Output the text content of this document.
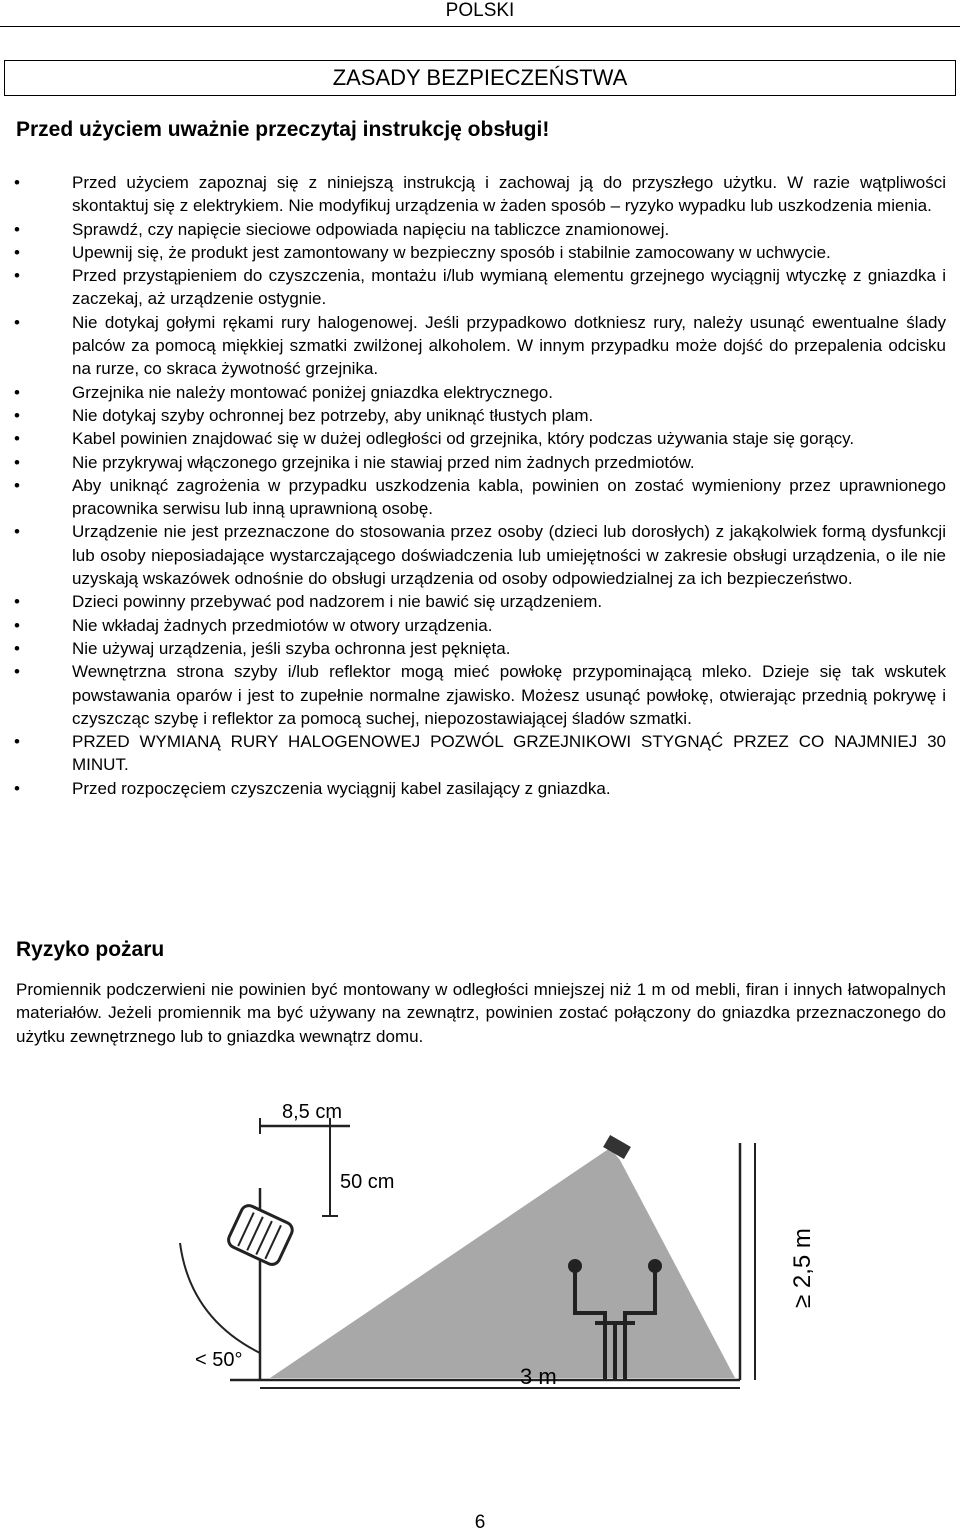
POLSKI
ZASADY BEZPIECZEŃSTWA
Przed użyciem uważnie przeczytaj instrukcję obsługi!
• Przed użyciem zapoznaj się z niniejszą instrukcją i zachowaj ją do przyszłego użytku. W razie wątpliwości skontaktuj się z elektrykiem. Nie modyfikuj urządzenia w żaden sposób – ryzyko wypadku lub uszkodzenia mienia.
• Sprawdź, czy napięcie sieciowe odpowiada napięciu na tabliczce znamionowej.
• Upewnij się, że produkt jest zamontowany w bezpieczny sposób i stabilnie zamocowany w uchwycie.
• Przed przystąpieniem do czyszczenia, montażu i/lub wymianą elementu grzejnego wyciągnij wtyczkę z gniazdka i zaczekaj, aż urządzenie ostygnie.
• Nie dotykaj gołymi rękami rury halogenowej. Jeśli przypadkowo dotkniesz rury, należy usunąć ewentualne ślady palców za pomocą miękkiej szmatki zwilżonej alkoholem. W innym przypadku może dojść do przepalenia odcisku na rurze, co skraca żywotność grzejnika.
• Grzejnika nie należy montować poniżej gniazdka elektrycznego.
• Nie dotykaj szyby ochronnej bez potrzeby, aby uniknąć tłustych plam.
• Kabel powinien znajdować się w dużej odległości od grzejnika, który podczas używania staje się gorący.
• Nie przykrywaj włączonego grzejnika i nie stawiaj przed nim żadnych przedmiotów.
• Aby uniknąć zagrożenia w przypadku uszkodzenia kabla, powinien on zostać wymieniony przez uprawnionego pracownika serwisu lub inną uprawnioną osobę.
• Urządzenie nie jest przeznaczone do stosowania przez osoby (dzieci lub dorosłych) z jakąkolwiek formą dysfunkcji lub osoby nieposiadające wystarczającego doświadczenia lub umiejętności w zakresie obsługi urządzenia, o ile nie uzyskają wskazówek odnośnie do obsługi urządzenia od osoby odpowiedzialnej za ich bezpieczeństwo.
• Dzieci powinny przebywać pod nadzorem i nie bawić się urządzeniem.
• Nie wkładaj żadnych przedmiotów w otwory urządzenia.
• Nie używaj urządzenia, jeśli szyba ochronna jest pęknięta.
• Wewnętrzna strona szyby i/lub reflektor mogą mieć powłokę przypominającą mleko. Dzieje się tak wskutek powstawania oparów i jest to zupełnie normalne zjawisko. Możesz usunąć powłokę, otwierając przednią pokrywę i czyszcząc szybę i reflektor za pomocą suchej, niepozostawiającej śladów szmatki.
• PRZED WYMIANĄ RURY HALOGENOWEJ POZWÓL GRZEJNIKOWI STYGNĄĆ PRZEZ CO NAJMNIEJ 30 MINUT.
• Przed rozpoczęciem czyszczenia wyciągnij kabel zasilający z gniazdka.
Ryzyko pożaru

Promiennik podczerwieni nie powinien być montowany w odległości mniejszej niż 1 m od mebli, firan i innych łatwopalnych materiałów. Jeżeli promiennik ma być używany na zewnątrz, powinien zostać połączony do gniazdka przeznaczonego do użytku zewnętrznego lub to gniazdka wewnątrz domu.

8,5 cm
50 cm
< 50°
3 m
≥ 2,5 m
6
